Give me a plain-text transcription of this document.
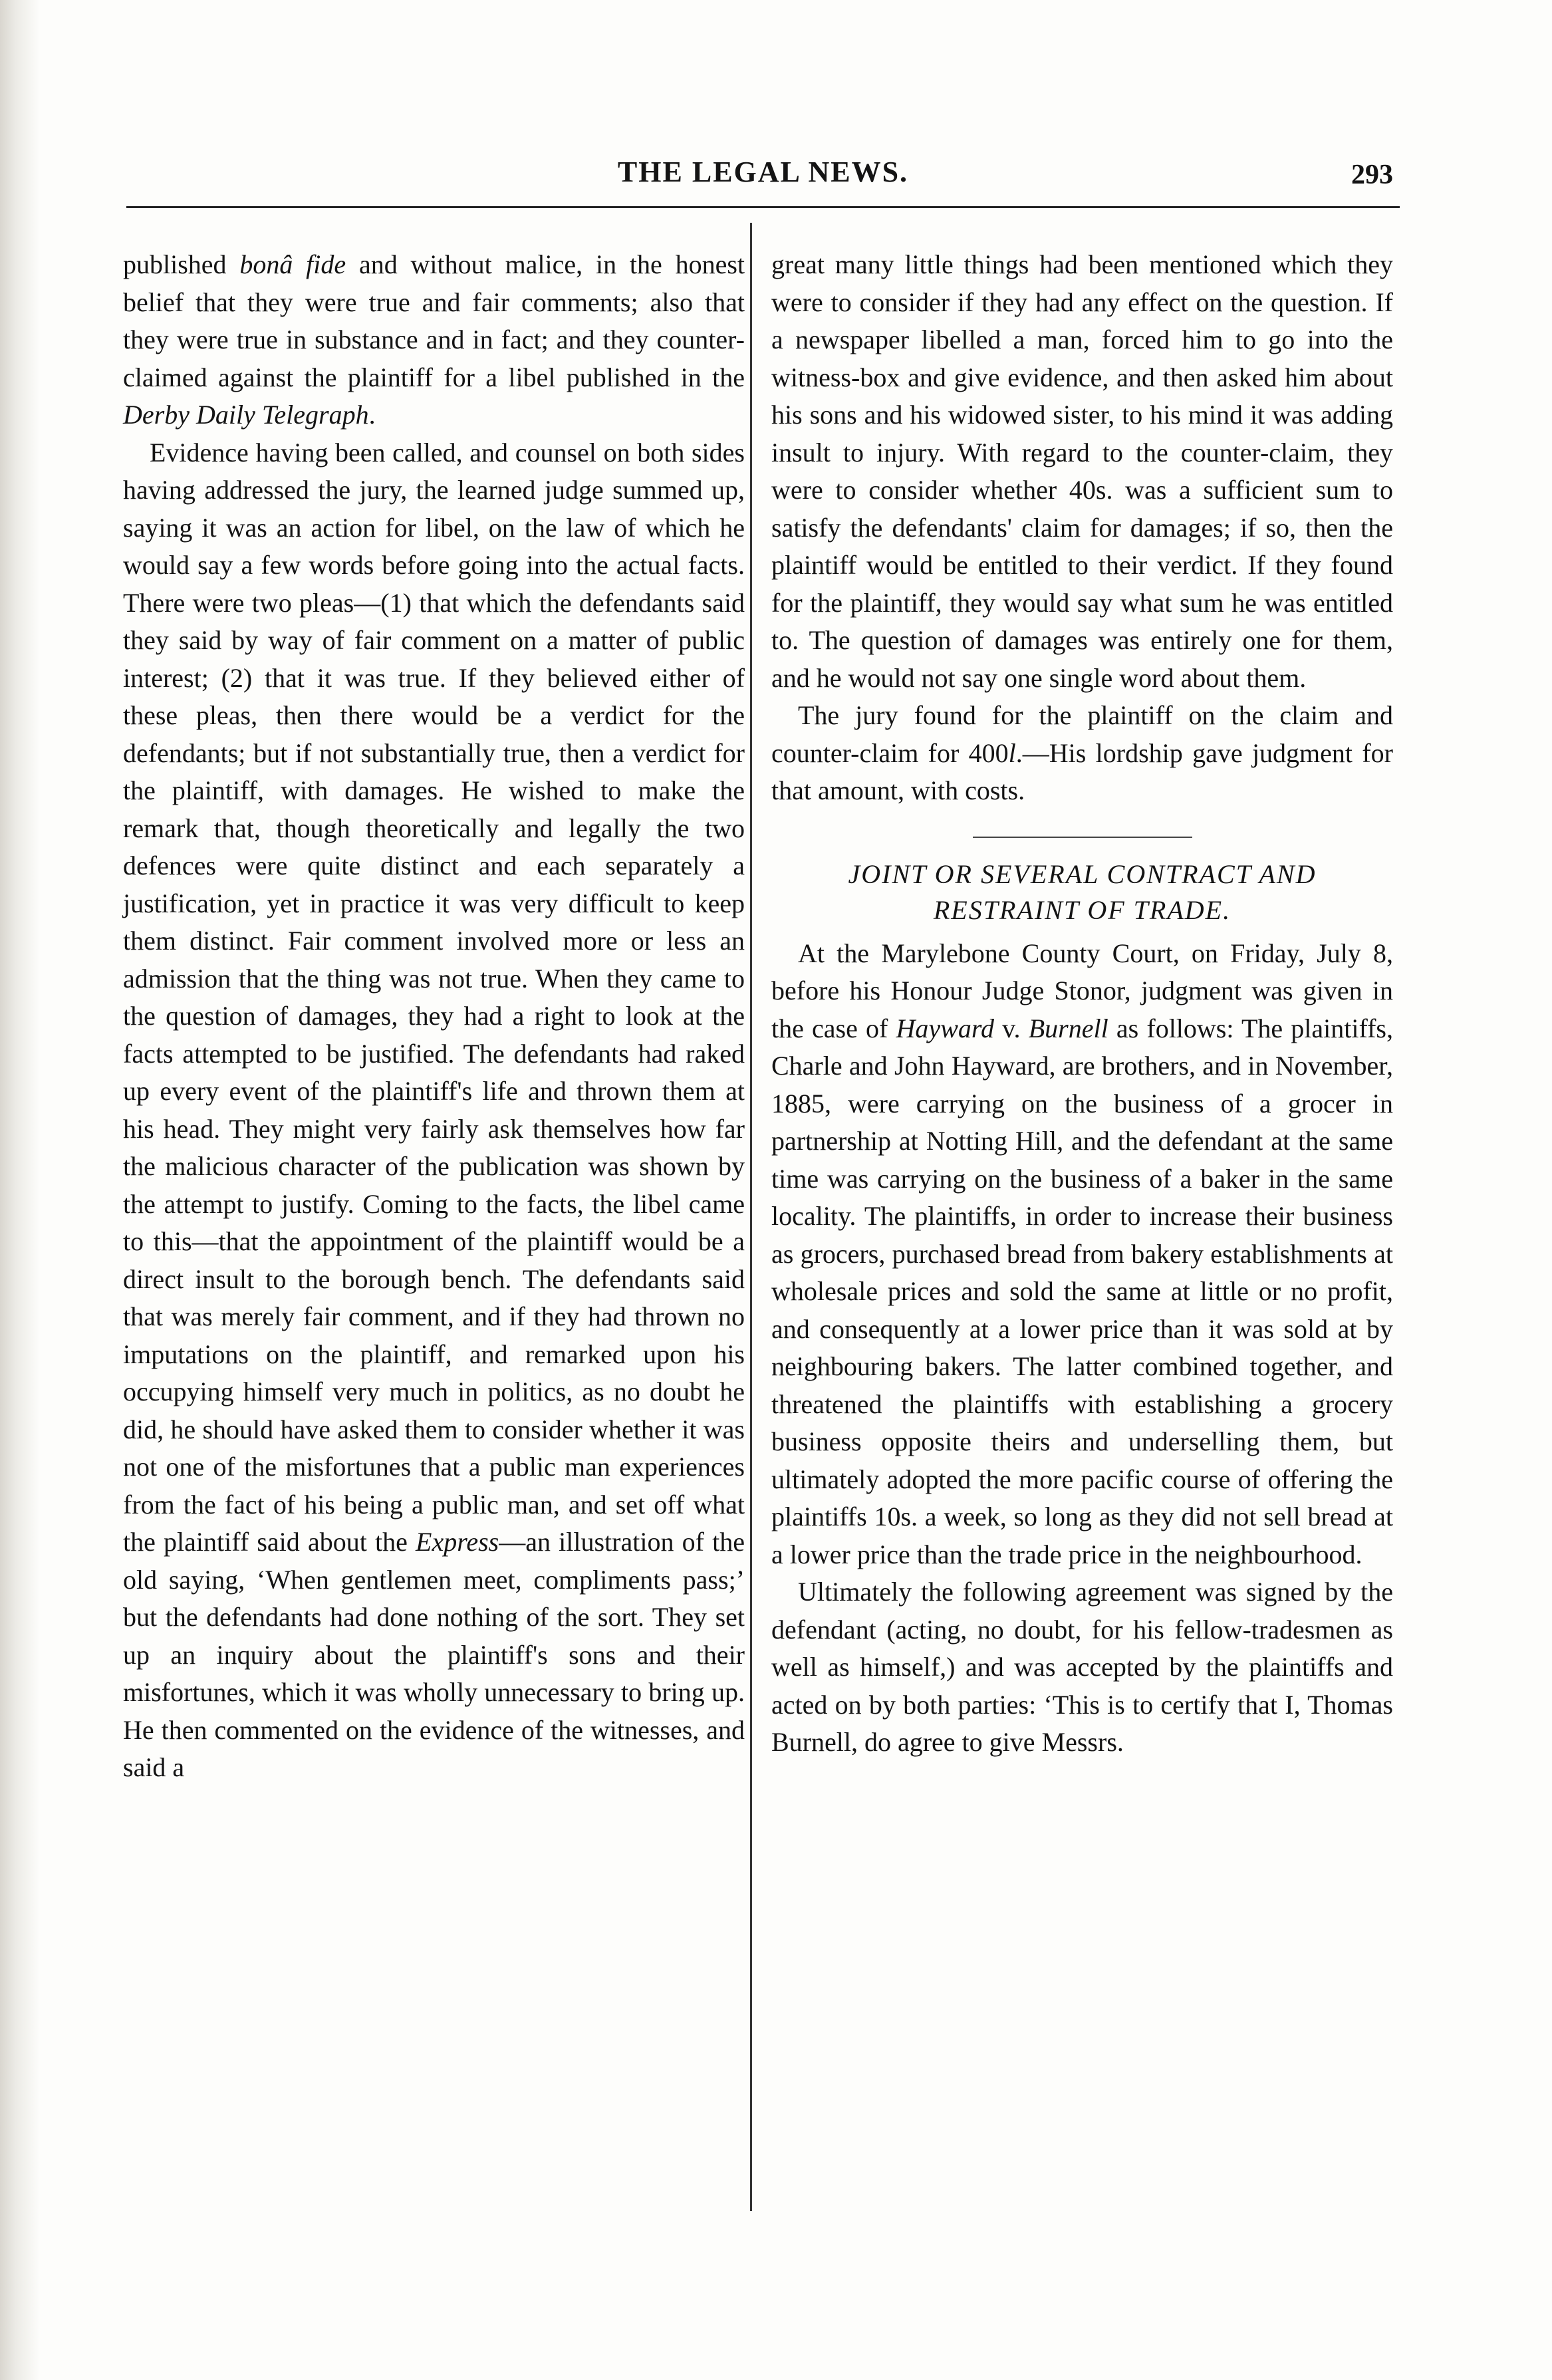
THE LEGAL NEWS.	293

published bonâ fide and without malice, in the honest belief that they were true and fair comments; also that they were true in substance and in fact; and they counter-claimed against the plaintiff for a libel published in the Derby Daily Telegraph.

Evidence having been called, and counsel on both sides having addressed the jury, the learned judge summed up, saying it was an action for libel, on the law of which he would say a few words before going into the actual facts. There were two pleas—(1) that which the defendants said they said by way of fair comment on a matter of public interest; (2) that it was true. If they believed either of these pleas, then there would be a verdict for the defendants; but if not substantially true, then a verdict for the plaintiff, with damages. He wished to make the remark that, though theoretically and legally the two defences were quite distinct and each separately a justification, yet in practice it was very difficult to keep them distinct. Fair comment involved more or less an admission that the thing was not true. When they came to the question of damages, they had a right to look at the facts attempted to be justified. The defendants had raked up every event of the plaintiff's life and thrown them at his head. They might very fairly ask themselves how far the malicious character of the publication was shown by the attempt to justify. Coming to the facts, the libel came to this—that the appointment of the plaintiff would be a direct insult to the borough bench. The defendants said that was merely fair comment, and if they had thrown no imputations on the plaintiff, and remarked upon his occupying himself very much in politics, as no doubt he did, he should have asked them to consider whether it was not one of the misfortunes that a public man experiences from the fact of his being a public man, and set off what the plaintiff said about the Express—an illustration of the old saying, ‘When gentlemen meet, compliments pass;’ but the defendants had done nothing of the sort. They set up an inquiry about the plaintiff's sons and their misfortunes, which it was wholly unnecessary to bring up. He then commented on the evidence of the witnesses, and said a

great many little things had been mentioned which they were to consider if they had any effect on the question. If a newspaper libelled a man, forced him to go into the witness-box and give evidence, and then asked him about his sons and his widowed sister, to his mind it was adding insult to injury. With regard to the counter-claim, they were to consider whether 40s. was a sufficient sum to satisfy the defendants' claim for damages; if so, then the plaintiff would be entitled to their verdict. If they found for the plaintiff, they would say what sum he was entitled to. The question of damages was entirely one for them, and he would not say one single word about them.

The jury found for the plaintiff on the claim and counter-claim for 400l.—His lordship gave judgment for that amount, with costs.

JOINT OR SEVERAL CONTRACT AND
RESTRAINT OF TRADE.

At the Marylebone County Court, on Friday, July 8, before his Honour Judge Stonor, judgment was given in the case of Hayward v. Burnell as follows: The plaintiffs, Charle and John Hayward, are brothers, and in November, 1885, were carrying on the business of a grocer in partnership at Notting Hill, and the defendant at the same time was carrying on the business of a baker in the same locality. The plaintiffs, in order to increase their business as grocers, purchased bread from bakery establishments at wholesale prices and sold the same at little or no profit, and consequently at a lower price than it was sold at by neighbouring bakers. The latter combined together, and threatened the plaintiffs with establishing a grocery business opposite theirs and underselling them, but ultimately adopted the more pacific course of offering the plaintiffs 10s. a week, so long as they did not sell bread at a lower price than the trade price in the neighbourhood.

Ultimately the following agreement was signed by the defendant (acting, no doubt, for his fellow-tradesmen as well as himself,) and was accepted by the plaintiffs and acted on by both parties: ‘This is to certify that I, Thomas Burnell, do agree to give Messrs.
